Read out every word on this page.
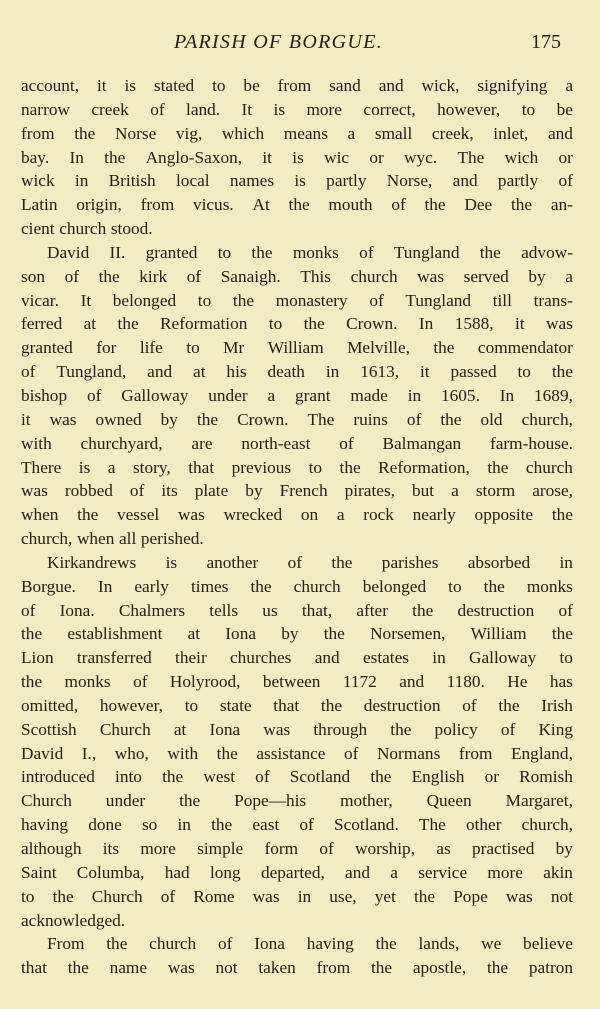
PARISH OF BORGUE.	175
account, it is stated to be from sand and wick, signifying a
narrow creek of land. It is more correct, however, to be
from the Norse vig, which means a small creek, inlet, and
bay. In the Anglo-Saxon, it is wic or wyc. The wich or
wick in British local names is partly Norse, and partly of
Latin origin, from vicus. At the mouth of the Dee the an-
cient church stood.
David II. granted to the monks of Tungland the advow-
son of the kirk of Sanaigh. This church was served by a
vicar. It belonged to the monastery of Tungland till trans-
ferred at the Reformation to the Crown. In 1588, it was
granted for life to Mr William Melville, the commendator
of Tungland, and at his death in 1613, it passed to the
bishop of Galloway under a grant made in 1605. In 1689,
it was owned by the Crown. The ruins of the old church,
with churchyard, are north-east of Balmangan farm-house.
There is a story, that previous to the Reformation, the church
was robbed of its plate by French pirates, but a storm arose,
when the vessel was wrecked on a rock nearly opposite the
church, when all perished.
Kirkandrews is another of the parishes absorbed in
Borgue. In early times the church belonged to the monks
of Iona. Chalmers tells us that, after the destruction of
the establishment at Iona by the Norsemen, William the
Lion transferred their churches and estates in Galloway to
the monks of Holyrood, between 1172 and 1180. He has
omitted, however, to state that the destruction of the Irish
Scottish Church at Iona was through the policy of King
David I., who, with the assistance of Normans from England,
introduced into the west of Scotland the English or Romish
Church under the Pope—his mother, Queen Margaret,
having done so in the east of Scotland. The other church,
although its more simple form of worship, as practised by
Saint Columba, had long departed, and a service more akin
to the Church of Rome was in use, yet the Pope was not
acknowledged.
From the church of Iona having the lands, we believe
that the name was not taken from the apostle, the patron
